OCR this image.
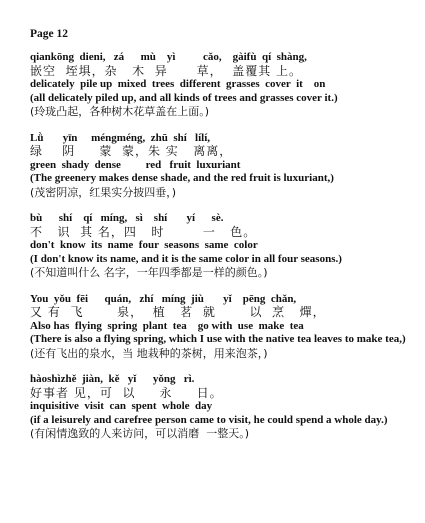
Page 12
qiankōng  dieni,   zá      mù    yì          cǎo,    gàifù  qí  shàng,
嵌空  垤埧，杂   木  异      草，  盖覆其 上。
delicately  pile up  mixed  trees  different  grasses  cover  it    on
(all delicately piled up, and all kinds of trees and grasses cover it.)
(玲珑凸起，各种树木花草盖在上面。)
Lǜ       yīn     méngméng,  zhū  shí   lílí,
绿    阴     蒙  蒙，朱 实   离离，
green  shady  dense         red   fruit  luxuriant
(The greenery makes dense shade, and the red fruit is luxuriant,)
(茂密阴凉，红果实分披四垂，)
bù      shí    qí   míng,   sì    shí       yí      sè.
不   识  其 名，四   时        一   色。
don't  know  its  name  four  seasons  same  color
(I don't know its name, and it is the same color in all four seasons.)
(不知道叫什么 名字，一年四季都是一样的颜色。)
You  yǒu  fēi      quán,   zhí   míng  jiù       yǐ    pēng  chǎn,
又 有  飞       泉，  植   茗  就       以  烹   燀，
Also has  flying  spring  plant  tea    go with  use  make  tea
(There is also a flying spring, which I use with the native tea leaves to make tea,)
(还有飞出的泉水，当 地栽种的茶树，用来泡茶，)
hàoshìzhě  jiàn,  kě   yǐ      yǒng   rì.
好事者 见，可  以     永     日。
inquisitive  visit  can  spent  whole  day
(if a leisurely and carefree person came to visit, he could spend a whole day.)
(有闲情逸致的人来访问，可以消磨  一整天。)
